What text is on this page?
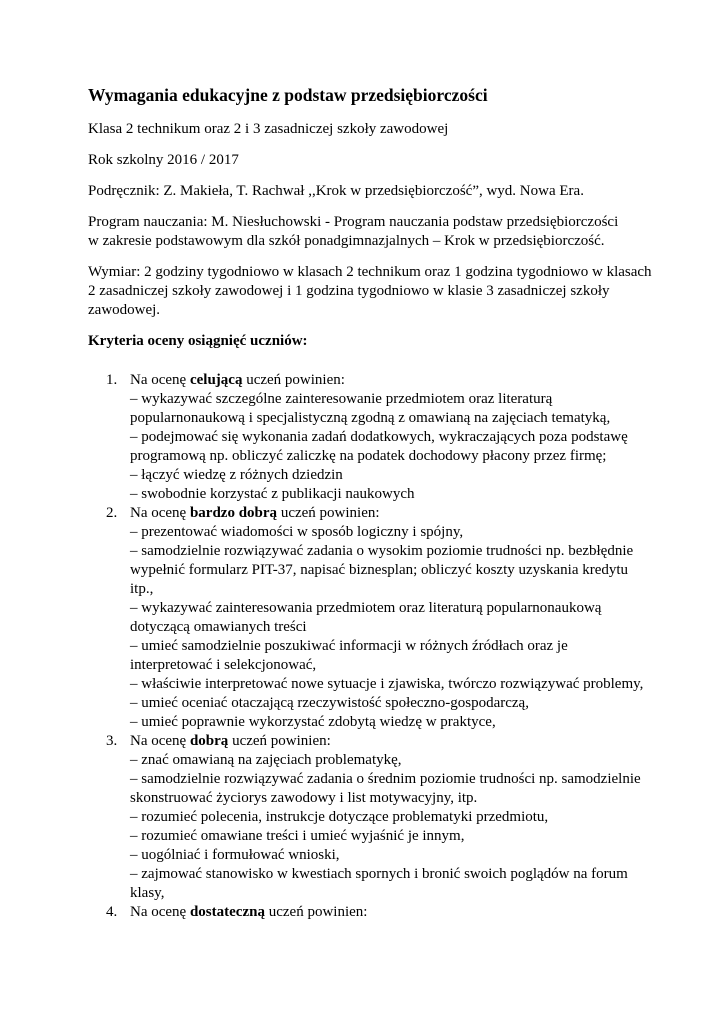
Wymagania edukacyjne z podstaw przedsiębiorczości
Klasa 2 technikum oraz 2 i 3 zasadniczej szkoły zawodowej
Rok szkolny 2016 / 2017
Podręcznik: Z. Makieła, T. Rachwał ,,Krok w przedsiębiorczość”, wyd. Nowa Era.
Program nauczania: M. Niesłuchowski - Program nauczania podstaw przedsiębiorczości
w zakresie podstawowym dla szkół ponadgimnazjalnych – Krok w przedsiębiorczość.
Wymiar: 2 godziny tygodniowo w klasach 2 technikum oraz 1 godzina tygodniowo w klasach
2 zasadniczej szkoły zawodowej i 1 godzina tygodniowo w klasie 3 zasadniczej szkoły
zawodowej.
Kryteria oceny osiągnięć uczniów:
1. Na ocenę celującą uczeń powinien:
– wykazywać szczególne zainteresowanie przedmiotem oraz literaturą
popularnonaukową i specjalistyczną zgodną z omawianą na zajęciach tematyką,
– podejmować się wykonania zadań dodatkowych, wykraczających poza podstawę
programową np. obliczyć zaliczkę na podatek dochodowy płacony przez firmę;
– łączyć wiedzę z różnych dziedzin
– swobodnie korzystać z publikacji naukowych
2. Na ocenę bardzo dobrą uczeń powinien:
– prezentować wiadomości w sposób logiczny i spójny,
– samodzielnie rozwiązywać zadania o wysokim poziomie trudności np. bezbłędnie
wypełnić formularz PIT-37, napisać biznesplan; obliczyć koszty uzyskania kredytu
itp.,
– wykazywać zainteresowania przedmiotem oraz literaturą popularnonaukową
dotyczącą omawianych treści
– umieć samodzielnie poszukiwać informacji w różnych źródłach oraz je
interpretować i selekcjonować,
– właściwie interpretować nowe sytuacje i zjawiska, twórczo rozwiązywać problemy,
– umieć oceniać otaczającą rzeczywistość społeczno-gospodarczą,
– umieć poprawnie wykorzystać zdobytą wiedzę w praktyce,
3. Na ocenę dobrą uczeń powinien:
– znać omawianą na zajęciach problematykę,
– samodzielnie rozwiązywać zadania o średnim poziomie trudności np. samodzielnie
skonstruować życiorys zawodowy i list motywacyjny, itp.
– rozumieć polecenia, instrukcje dotyczące problematyki przedmiotu,
– rozumieć omawiane treści i umieć wyjaśnić je innym,
– uogólniać i formułować wnioski,
– zajmować stanowisko w kwestiach spornych i bronić swoich poglądów na forum
klasy,
4. Na ocenę dostateczną uczeń powinien:
